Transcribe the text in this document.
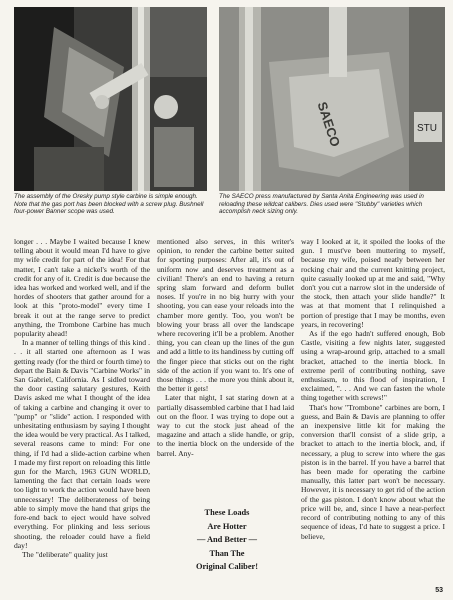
SAECO	STU
The assembly of the Oresky pump style carbine is simple enough. Note that the gas port has been blocked with a screw plug. Bushnell four-power Banner scope was used.
The SAECO press manufactured by Santa Anita Engineering was used in reloading these wildcat calibers. Dies used were "Stubby" varieties which accomplish neck sizing only.

longer . . . Maybe I waited because I knew telling about it would mean I'd have to give my wife credit for part of the idea! For that matter, I can't take a nickel's worth of the credit for any of it. Credit is due because the idea has worked and worked well, and if the hordes of shooters that gather around for a look at this "proto-model" every time I break it out at the range serve to predict anything, the Trombone Carbine has much popularity ahead!

In a manner of telling things of this kind . . . it all started one afternoon as I was getting ready (for the third or fourth time) to depart the Bain & Davis "Carbine Works" in San Gabriel, California. As I sidled toward the door casting salutary gestures, Keith Davis asked me what I thought of the idea of taking a carbine and changing it over to "pump" or "slide" action. I responded with unhesitating enthusiasm by saying I thought the idea would be very practical. As I talked, several reasons came to mind: For one thing, if I'd had a slide-action carbine when I made my first report on reloading this little gun for the March, 1963 GUN WORLD, lamenting the fact that certain loads were too light to work the action would have been unnecessary! The deliberateness of being able to simply move the hand that grips the fore-end back to eject would have solved everything. For plinking and less serious shooting, the reloader could have a field day!

The "deliberate" quality just

mentioned also serves, in this writer's opinion, to render the carbine better suited for sporting purposes: After all, it's out of uniform now and deserves treatment as a civilian! There's an end to having a return spring slam forward and deform bullet noses. If you're in no big hurry with your shooting, you can ease your reloads into the chamber more gently. Too, you won't be blowing your brass all over the landscape where recovering it'll be a problem. Another thing, you can clean up the lines of the gun and add a little to its handiness by cutting off the finger piece that sticks out on the right side of the action if you want to. It's one of those things . . . the more you think about it, the better it gets!

Later that night, I sat staring down at a partially disassembled carbine that I had laid out on the floor. I was trying to dope out a way to cut the stock just ahead of the magazine and attach a slide handle, or grip, to the inertia block on the underside of the barrel. Any-

way I looked at it, it spoiled the looks of the gun. I must've been muttering to myself, because my wife, poised neatly between her rocking chair and the current knitting project, quite casually looked up at me and said, "Why don't you cut a narrow slot in the underside of the stock, then attach your slide handle?" It was at that moment that I relinquished a portion of prestige that I may be months, even years, in recovering!

As if the ego hadn't suffered enough, Bob Castle, visiting a few nights later, suggested using a wrap-around grip, attached to a small bracket, attached to the inertia block. In extreme peril of contributing nothing, save enthusiasm, to this flood of inspiration, I exclaimed, ". . . And we can fasten the whole thing together with screws!"

That's how "Trombone" carbines are born, I guess, and Bain & Davis are planning to offer an inexpensive little kit for making the conversion that'll consist of a slide grip, a bracket to attach to the inertia block, and, if necessary, a plug to screw into where the gas piston is in the barrel. If you have a barrel that has been made for operating the carbine manually, this latter part won't be necessary. However, it is necessary to get rid of the action of the gas piston. I don't know about what the price will be, and, since I have a near-perfect record of contributing nothing to any of this sequence of ideas, I'd hate to suggest a price. I believe,

These Loads
Are Hotter
— And Better —
Than The
Original Caliber!
53
